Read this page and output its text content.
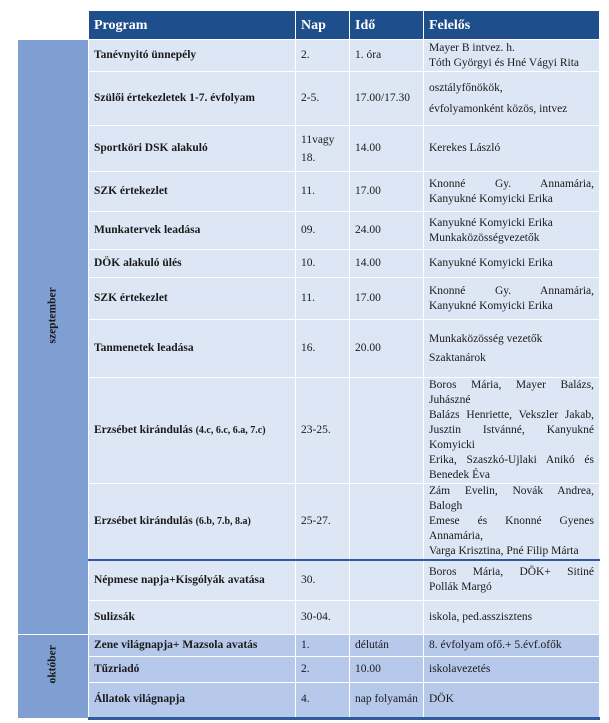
	Program	Nap	Idő	Felelős

szeptember	Tanévnyitó ünnepély	2.	1. óra	Mayer B intvez. h.
Tóth Györgyi és Hné Vágyi Rita

	Szülői értekezletek 1-7. évfolyam	2-5.	17.00/17.30	osztályfőnökök,
évfolyamonként közös, intvez

	Sportköri DSK alakuló	11vagy 18.	14.00	Kerekes László
	SZK értekezlet	11.	17.00	Knonné Gy. Annamária,
Kanyukné Komyicki Erika

	Munkatervek leadása	09.	24.00	Kanyukné Komyicki Erika
Munkaközösségvezetők

	DÖK alakuló ülés	10.	14.00	Kanyukné Komyicki Erika
	SZK értekezlet	11.	17.00	Knonné Gy. Annamária,
Kanyukné Komyicki Erika

	Tanmenetek leadása	16.	20.00	Munkaközösség vezetők
Szaktanárok

	Erzsébet kirándulás (4.c, 6.c, 6.a, 7.c)	23-25.		Boros Mária, Mayer Balázs, Juhászné
Balázs Henriette, Vekszler Jakab,
Jusztin Istvánné, Kanyukné Komyicki
Erika, Szaszkó-Ujlaki Anikó és
Benedek Éva

	Erzsébet kirándulás (6.b, 7.b, 8.a)	25-27.		Zám Evelin, Novák Andrea, Balogh
Emese és Knonné Gyenes Annamária,
Varga Krisztina, Pné Filip Márta

	Népmese napja+Kisgólyák avatása	30.		Boros Mária, DÖK+ Sitiné
Pollák Margó

	Sulizsák	30-04.		iskola, ped.asszisztens

október	Zene világnapja+ Mazsola avatás	1.	délután	8. évfolyam ofő.+ 5.évf.ofők
	Tűzriadó	2.	10.00	iskolavezetés
	Állatok világnapja	4.	nap folyamán	DÖK
